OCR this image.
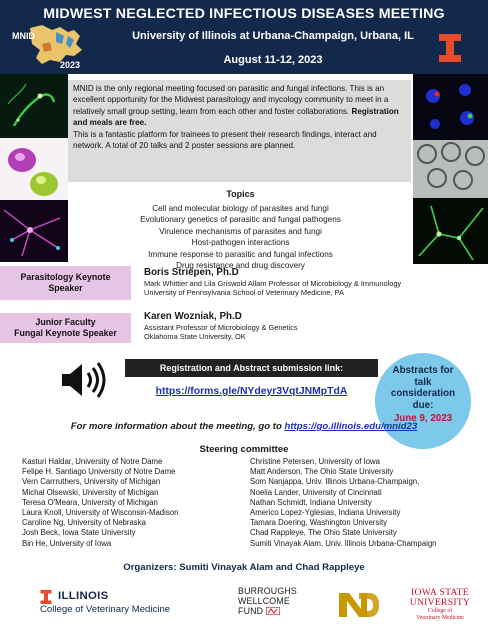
MIDWEST NEGLECTED INFECTIOUS DISEASES MEETING
MNID
2023
University of Illinois at Urbana-Champaign, Urbana, IL
August 11-12, 2023
MNID is the only regional meeting focused on parasitic and fungal infections. This is an excellent opportunity for the Midwest parasitology and mycology community to meet in a relatively small group setting, learn from each other and foster collaborations. Registration and meals are free.
This is a fantastic platform for trainees to present their research findings, interact and network. A total of 20 talks and 2 poster sessions are planned.
Topics
Cell and molecular biology of parasites and fungi
Evolutionary genetics of parasitic and fungal pathogens
Virulence mechanisms of parasites and fungi
Host-pathogen interactions
Immune response to parasitic and fungal infections
Drug resistance and drug discovery
Parasitology Keynote
Speaker
Boris Striepen, Ph.D
Mark Whittier and Lila Griswold Allam Professor of Microbiology & Immunology
University of Pennsylvania School of Veterinary Medicine, PA
Junior Faculty
Fungal Keynote Speaker
Karen Wozniak, Ph.D
Assistant Professor of Microbiology & Genetics
Oklahoma State University, OK
Registration and Abstract submission link:
https://forms.gle/NYdeyr3VqtJNMpTdA
Abstracts for
talk
consideration
due:
June 9, 2023
For more information about the meeting, go to https://go.illinois.edu/mnid23
Steering committee
Kasturi Haldar, University of Notre Dame
Felipe H. Santiago University of Notre Dame
Vern Carrruthers, University of Michigan
Michal Olsewski, University of Michigan
Teresa O'Meara, University of Michigan
Laura Knoll, University of Wisconsin-Madison
Caroline Ng, University of Nebraska
Josh Beck, Iowa State University
Bin He, University of Iowa
Christine Petersen, University of Iowa
Matt Anderson, The Ohio State University
Som Nanjappa, Univ. Illinois Urbana-Champaign,
Noelia Lander, University of Cincinnati
Nathan Schmidt, Indiana University
Americo Lopez-Yglesias, Indiana University
Tamara Doering, Washington University
Chad Rappleye, The Ohio State University
Sumiti Vinayak Alam, Univ. Illinois Urbana-Champaign
Organizers: Sumiti Vinayak Alam and Chad Rappleye
ILLINOIS
College of Veterinary Medicine
BURROUGHS
WELLCOME
FUND
IOWA STATE
UNIVERSITY
College of
Veterinary Medicine
